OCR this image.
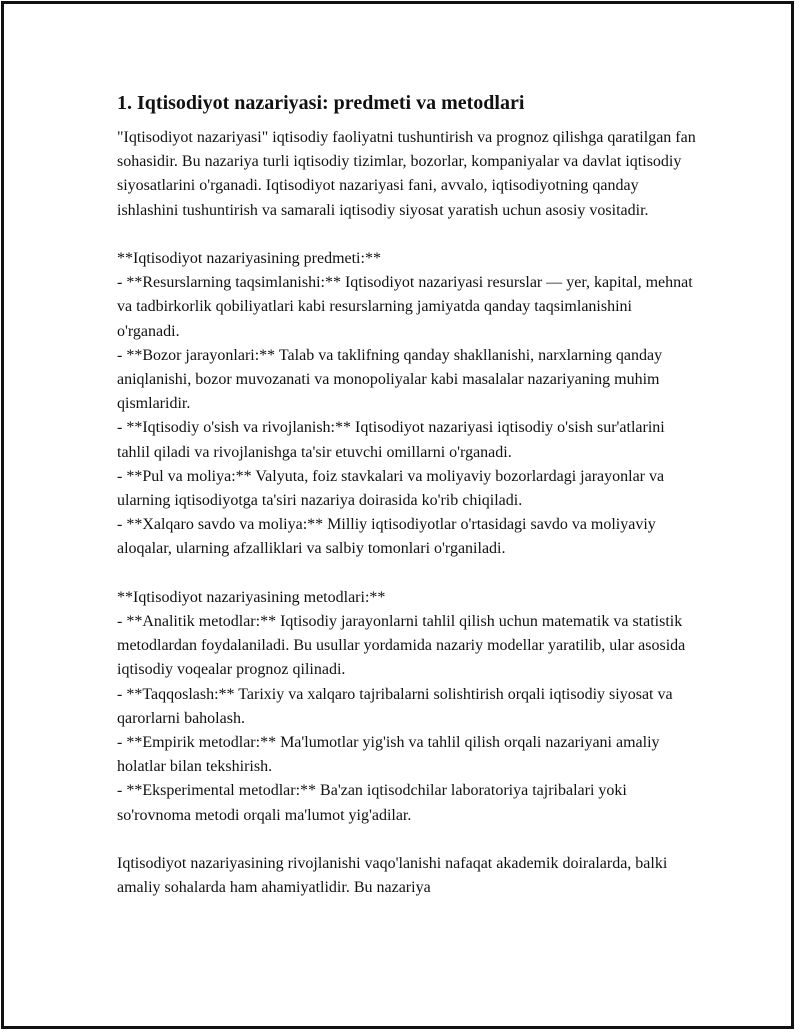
1. Iqtisodiyot nazariyasi: predmeti va metodlari

"Iqtisodiyot nazariyasi" iqtisodiy faoliyatni tushuntirish va prognoz qilishga qaratilgan fan sohasidir. Bu nazariya turli iqtisodiy tizimlar, bozorlar, kompaniyalar va davlat iqtisodiy siyosatlarini o'rganadi. Iqtisodiyot nazariyasi fani, avvalo, iqtisodiyotning qanday ishlashini tushuntirish va samarali iqtisodiy siyosat yaratish uchun asosiy vositadir.

**Iqtisodiyot nazariyasining predmeti:**

- **Resurslarning taqsimlanishi:** Iqtisodiyot nazariyasi resurslar — yer, kapital, mehnat va tadbirkorlik qobiliyatlari kabi resurslarning jamiyatda qanday taqsimlanishini o'rganadi.

- **Bozor jarayonlari:** Talab va taklifning qanday shakllanishi, narxlarning qanday aniqlanishi, bozor muvozanati va monopoliyalar kabi masalalar nazariyaning muhim qismlaridir.

- **Iqtisodiy o'sish va rivojlanish:** Iqtisodiyot nazariyasi iqtisodiy o'sish sur'atlarini tahlil qiladi va rivojlanishga ta'sir etuvchi omillarni o'rganadi.

- **Pul va moliya:** Valyuta, foiz stavkalari va moliyaviy bozorlardagi jarayonlar va ularning iqtisodiyotga ta'siri nazariya doirasida ko'rib chiqiladi.

- **Xalqaro savdo va moliya:** Milliy iqtisodiyotlar o'rtasidagi savdo va moliyaviy aloqalar, ularning afzalliklari va salbiy tomonlari o'rganiladi.

**Iqtisodiyot nazariyasining metodlari:**

- **Analitik metodlar:** Iqtisodiy jarayonlarni tahlil qilish uchun matematik va statistik metodlardan foydalaniladi. Bu usullar yordamida nazariy modellar yaratilib, ular asosida iqtisodiy voqealar prognoz qilinadi.

- **Taqqoslash:** Tarixiy va xalqaro tajribalarni solishtirish orqali iqtisodiy siyosat va qarorlarni baholash.

- **Empirik metodlar:** Ma'lumotlar yig'ish va tahlil qilish orqali nazariyani amaliy holatlar bilan tekshirish.

- **Eksperimental metodlar:** Ba'zan iqtisodchilar laboratoriya tajribalari yoki so'rovnoma metodi orqali ma'lumot yig'adilar.

Iqtisodiyot nazariyasining rivojlanishi vaqo'lanishi nafaqat akademik doiralarda, balki amaliy sohalarda ham ahamiyatlidir. Bu nazariya
